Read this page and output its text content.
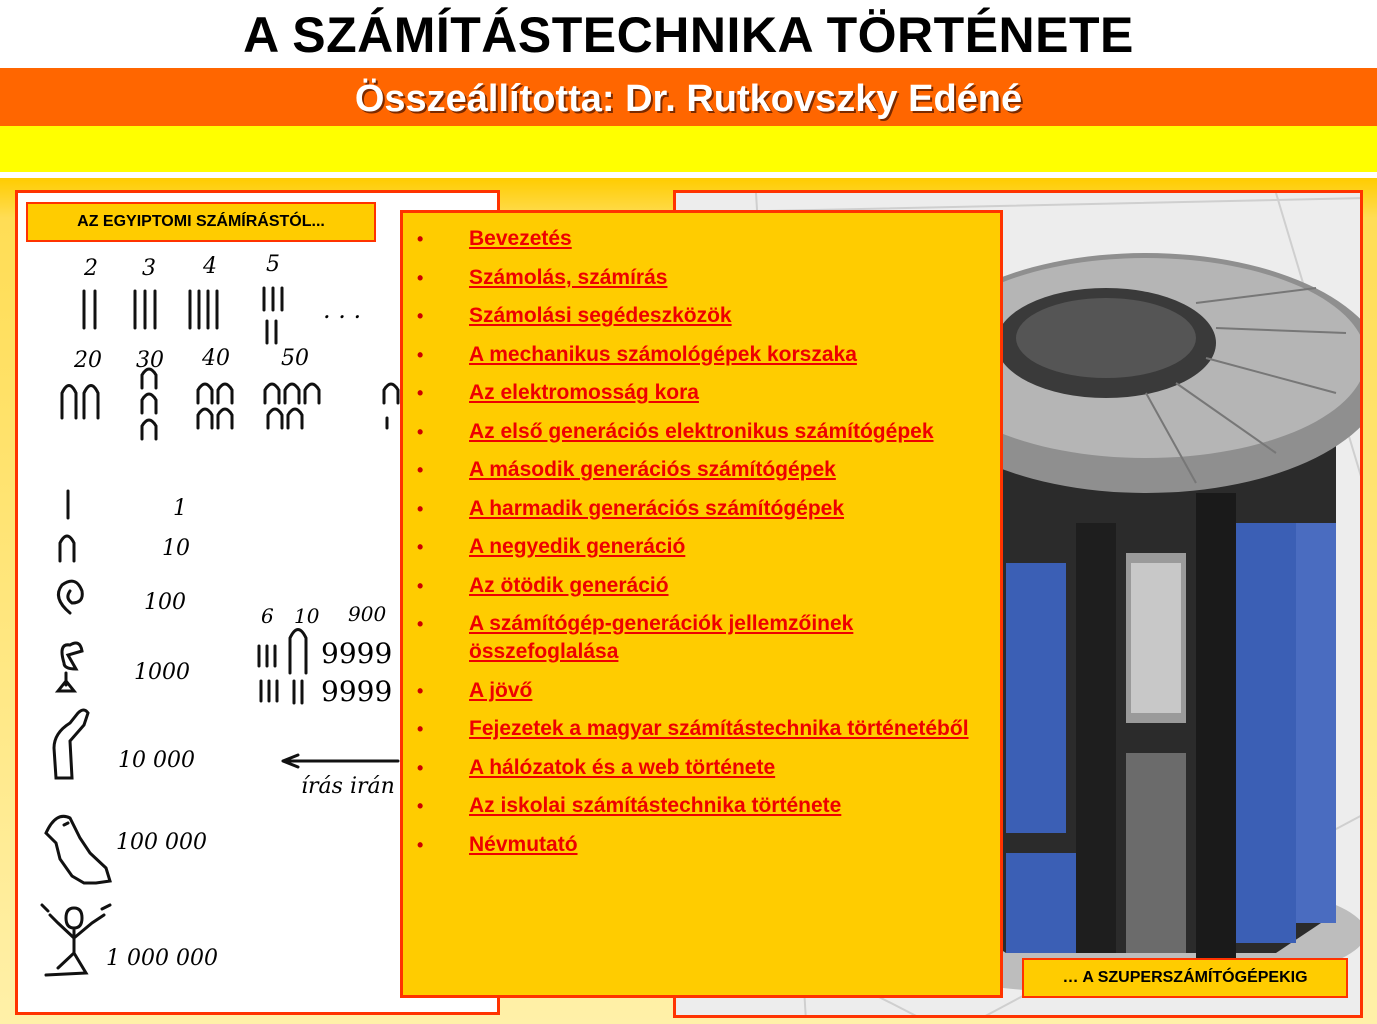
A SZÁMÍTÁSTECHNIKA TÖRTÉNETE
Összeállította: Dr. Rutkovszky Edéné
2 3 4 5
. . .
20 30 40 50
1
10
100
1000
10 000
100 000
1 000 000
6 10 900
9999
9999
írás irán
AZ EGYIPTOMI SZÁMÍRÁSTÓL...
… A SZUPERSZÁMÍTÓGÉPEKIG
• Bevezetés
• Számolás, számírás
• Számolási segédeszközök
• A mechanikus számológépek korszaka
• Az elektromosság kora
• Az első generációs elektronikus számítógépek
• A második generációs számítógépek
• A harmadik generációs számítógépek
• A negyedik generáció
• Az ötödik generáció
• A számítógép-generációk jellemzőinek összefoglalása
• A jövő
• Fejezetek a magyar számítástechnika történetéből
• A hálózatok és a web története
• Az iskolai számítástechnika története
• Névmutató
